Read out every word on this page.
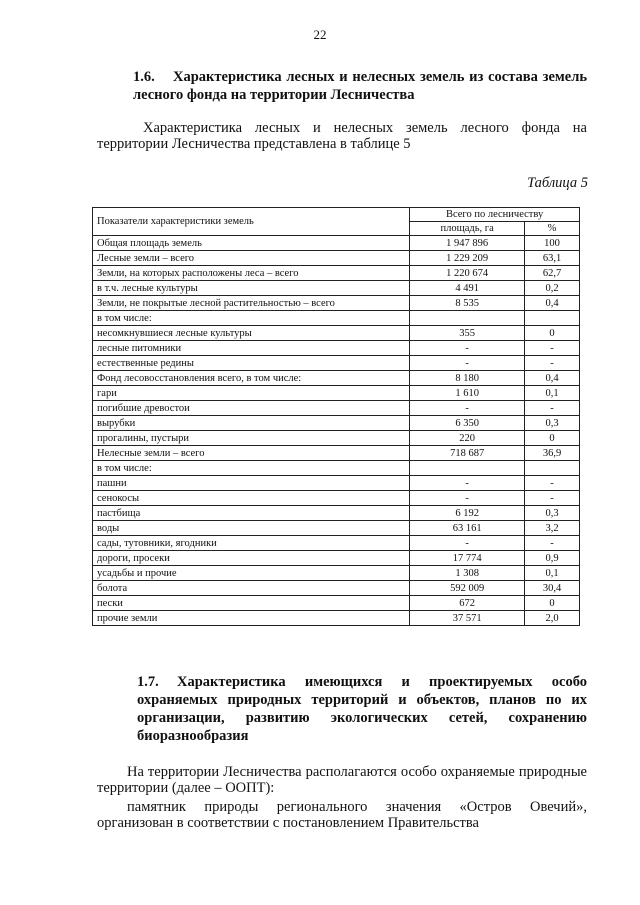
22
1.6. Характеристика лесных и нелесных земель из состава земель лесного фонда на территории Лесничества
Характеристика лесных и нелесных земель лесного фонда на территории Лесничества представлена в таблице 5
Таблица 5
Показатели характеристики земель	Всего по лесничеству	
	площадь, га	%
Общая площадь земель	1 947 896	100
Лесные земли – всего	1 229 209	63,1
Земли, на которых расположены леса – всего	1 220 674	62,7
в т.ч. лесные культуры	4 491	0,2
Земли, не покрытые лесной растительностью – всего	8 535	0,4
в том числе:		
несомкнувшиеся лесные культуры	355	0
лесные питомники	-	-
естественные редины	-	-
Фонд лесовосстановления всего, в том числе:	8 180	0,4
гари	1 610	0,1
погибшие древостои	-	-
вырубки	6 350	0,3
прогалины, пустыри	220	0
Нелесные земли – всего	718 687	36,9
в том числе:		
пашни	-	-
сенокосы	-	-
пастбища	6 192	0,3
воды	63 161	3,2
сады, тутовники, ягодники	-	-
дороги, просеки	17 774	0,9
усадьбы и прочие	1 308	0,1
болота	592 009	30,4
пески	672	0
прочие земли	37 571	2,0
1.7. Характеристика имеющихся и проектируемых особо охраняемых природных территорий и объектов, планов по их организации, развитию экологических сетей, сохранению биоразнообразия
На территории Лесничества располагаются особо охраняемые природные территории (далее – ООПТ):
памятник природы регионального значения «Остров Овечий», организован в соответствии с постановлением Правительства
